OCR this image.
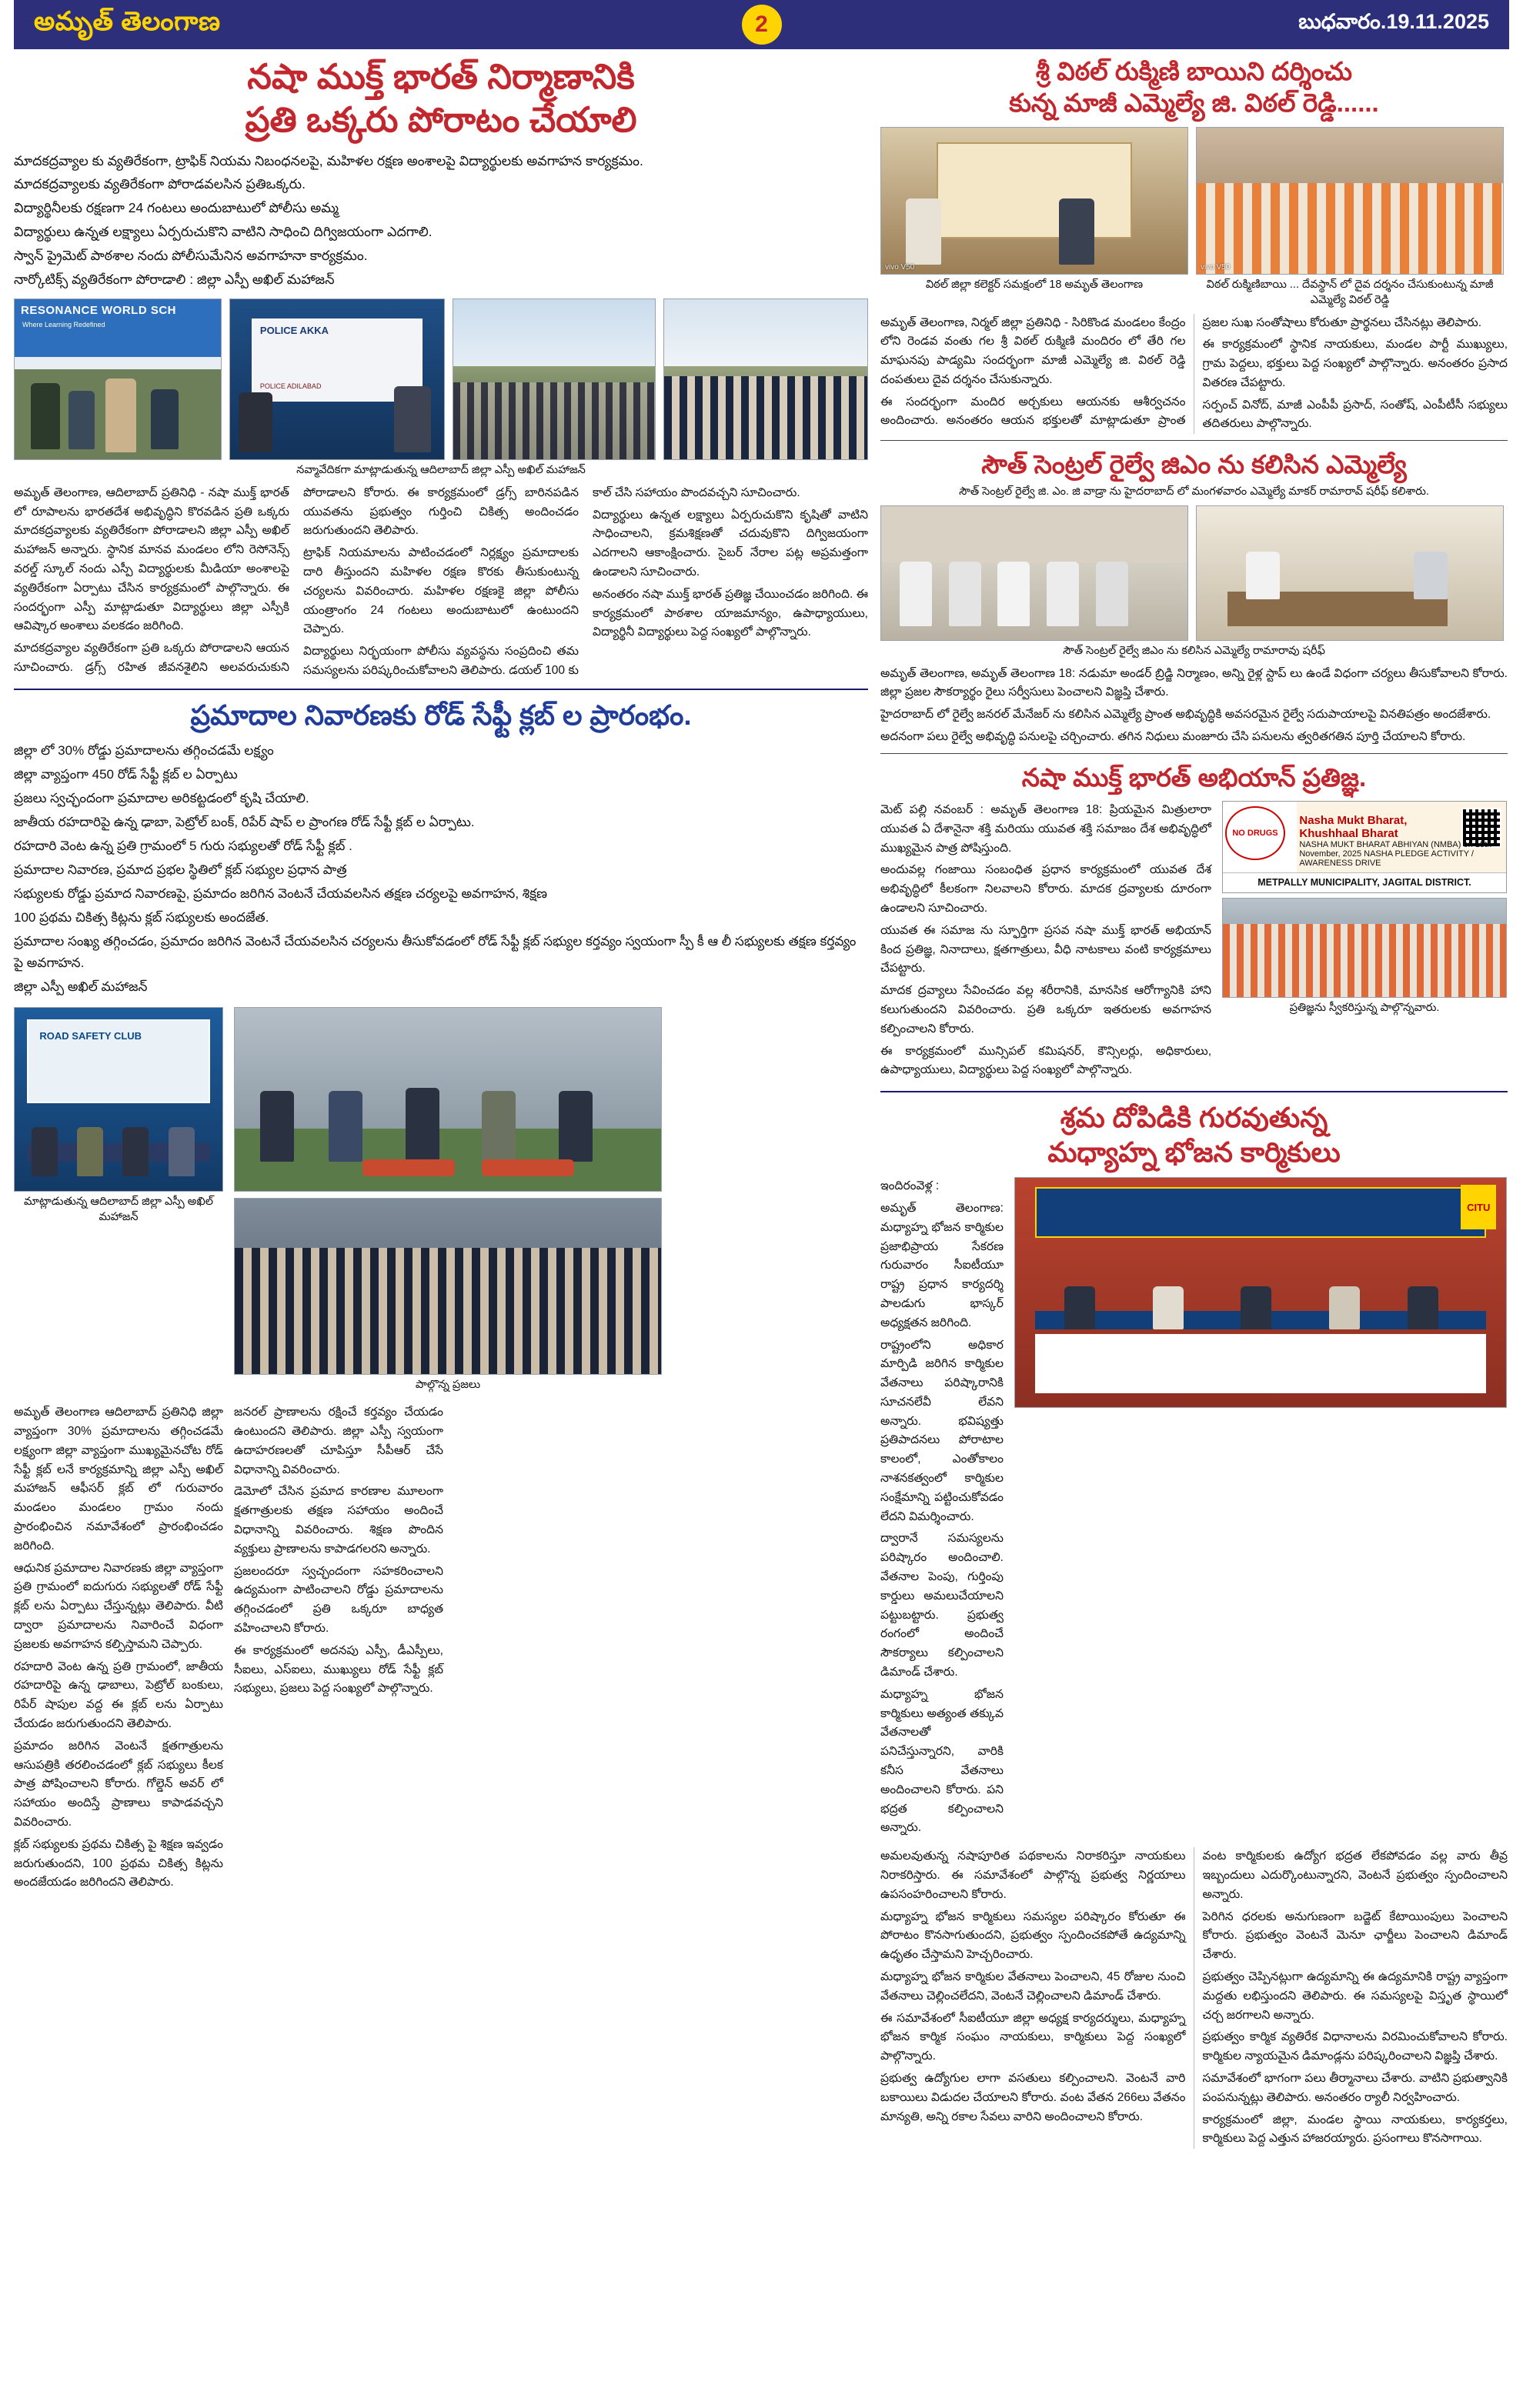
అమృత్ తెలంగాణ	2	బుధవారం.19.11.2025
నషా ముక్త్ భారత్ నిర్మాణానికి
ప్రతి ఒక్కరు పోరాటం చేయాలి

మాదకద్రవ్యాల కు వ్యతిరేకంగా, ట్రాఫిక్ నియమ నిబంధనలపై, మహిళల రక్షణ అంశాలపై విద్యార్థులకు అవగాహన కార్యక్రమం.

మాదకద్రవ్యాలకు వ్యతిరేకంగా పోరాడవలసిన ప్రతిఒక్కరు.

విద్యార్థినీలకు రక్షణగా 24 గంటలు అందుబాటులో పోలీసు అమ్మ

విద్యార్థులు ఉన్నత లక్ష్యాలు ఏర్పరుచుకొని వాటిని సాధించి దిగ్విజయంగా ఎదగాలి.

స్వాన్ ప్రైమెట్ పాఠశాల నందు పోలీసుమేనిన అవగాహనా కార్యక్రమం.

నార్కోటిక్స్ వ్యతిరేకంగా పోరాడాలి : జిల్లా ఎస్పీ అఖిల్ మహాజన్

RESONANCE WORLD SCH
Where Learning Redefined
POLICE AKKA
POLICE ADILABAD
నవ్మావేదికగా మాట్లాడుతున్న ఆదిలాబాద్ జిల్లా ఎస్పీ అఖిల్ మహాజన్

అమృత్ తెలంగాణ, ఆదిలాబాద్ ప్రతినిధి - నషా ముక్త్ భారత్ లో రూపాలను భారతదేశ అభివృద్ధిని కొరవడిన ప్రతి ఒక్కరు మాదకద్రవ్యాలకు వ్యతిరేకంగా పోరాడాలని జిల్లా ఎస్పీ అఖిల్ మహాజన్ అన్నారు. స్థానిక మానవ మండలం లోని రెసోనెన్స్ వరల్డ్ స్కూల్ నందు ఎస్పీ విద్యార్థులకు మీడియా అంశాలపై వ్యతిరేకంగా ఏర్పాటు చేసిన కార్యక్రమంలో పాల్గొన్నారు. ఈ సందర్భంగా ఎస్పీ మాట్లాడుతూ విద్యార్థులు జిల్లా ఎస్పీకి ఆవిష్కార అంశాలు వలకడం జరిగింది.

మాదకద్రవ్యాల వ్యతిరేకంగా ప్రతి ఒక్కరు పోరాడాలని ఆయన సూచించారు. డ్రగ్స్ రహిత జీవనశైలిని అలవరుచుకుని పోరాడాలని కోరారు. ఈ కార్యక్రమంలో డ్రగ్స్ బారినపడిన యువతను ప్రభుత్వం గుర్తించి చికిత్స అందించడం జరుగుతుందని తెలిపారు.

ట్రాఫిక్ నియమాలను పాటించడంలో నిర్లక్ష్యం ప్రమాదాలకు దారి తీస్తుందని మహిళల రక్షణ కొరకు తీసుకుంటున్న చర్యలను వివరించారు. మహిళల రక్షణకై జిల్లా పోలీసు యంత్రాంగం 24 గంటలు అందుబాటులో ఉంటుందని చెప్పారు.

విద్యార్థులు నిర్భయంగా పోలీసు వ్యవస్థను సంప్రదించి తమ సమస్యలను పరిష్కరించుకోవాలని తెలిపారు. డయల్ 100 కు కాల్ చేసి సహాయం పొందవచ్చని సూచించారు.

విద్యార్థులు ఉన్నత లక్ష్యాలు ఏర్పరుచుకొని కృషితో వాటిని సాధించాలని, క్రమశిక్షణతో చదువుకొని దిగ్విజయంగా ఎదగాలని ఆకాంక్షించారు. సైబర్ నేరాల పట్ల అప్రమత్తంగా ఉండాలని సూచించారు.

అనంతరం నషా ముక్త్ భారత్ ప్రతిజ్ఞ చేయించడం జరిగింది. ఈ కార్యక్రమంలో పాఠశాల యాజమాన్యం, ఉపాధ్యాయులు, విద్యార్థినీ విద్యార్థులు పెద్ద సంఖ్యలో పాల్గొన్నారు.

ప్రమాదాల నివారణకు రోడ్ సేఫ్టీ క్లబ్ ల ప్రారంభం.

జిల్లా లో 30% రోడ్డు ప్రమాదాలను తగ్గించడమే లక్ష్యం

జిల్లా వ్యాప్తంగా 450 రోడ్ సేఫ్టీ క్లబ్ ల ఏర్పాటు

ప్రజలు స్వచ్ఛందంగా ప్రమాదాల అరికట్టడంలో కృషి చేయాలి.

జాతీయ రహదారిపై ఉన్న ఢాబా, పెట్రోల్ బంక్, రిపేర్ షాప్ ల ప్రాంగణ రోడ్ సేఫ్టీ క్లబ్ ల ఏర్పాటు.

రహదారి వెంట ఉన్న ప్రతి గ్రామంలో 5 గురు సభ్యులతో రోడ్ సేఫ్టీ క్లబ్ .

ప్రమాదాల నివారణ, ప్రమాద ప్రభల స్థితిలో క్లబ్ సభ్యుల ప్రధాన పాత్ర

సభ్యులకు రోడ్డు ప్రమాద నివారణపై, ప్రమాదం జరిగిన వెంటనే చేయవలసిన తక్షణ చర్యలపై అవగాహన, శిక్షణ

100 ప్రథమ చికిత్స కిట్లను క్లబ్ సభ్యులకు అందజేత.

ప్రమాదాల సంఖ్య తగ్గించడం, ప్రమాదం జరిగిన వెంటనే చేయవలసిన చర్యలను తీసుకోవడంలో రోడ్ సేఫ్టీ క్లబ్ సభ్యుల కర్తవ్యం స్వయంగా స్పీ కీ ఆ లీ సభ్యులకు తక్షణ కర్తవ్యం పై అవగాహన.

జిల్లా ఎస్పీ అఖిల్ మహాజన్

ROAD SAFETY CLUB
మాట్లాడుతున్న ఆదిలాబాద్ జిల్లా ఎస్పీ అఖిల్ మహాజన్
పాల్గొన్న ప్రజలు

అమృత్ తెలంగాణ ఆదిలాబాద్ ప్రతినిధి జిల్లా వ్యాప్తంగా 30% ప్రమాదాలను తగ్గించడమే లక్ష్యంగా జిల్లా వ్యాప్తంగా ముఖ్యమైనచోట రోడ్ సేఫ్టీ క్లబ్ లనే కార్యక్రమాన్ని జిల్లా ఎస్పీ అఖిల్ మహాజన్ ఆఫీసర్ క్లబ్ లో గురువారం మండలం మండలం గ్రామం నందు ప్రారంభించిన నమావేశంలో ప్రారంభించడం జరిగింది.

ఆధునిక ప్రమాదాల నివారణకు జిల్లా వ్యాప్తంగా ప్రతి గ్రామంలో ఐదుగురు సభ్యులతో రోడ్ సేఫ్టీ క్లబ్ లను ఏర్పాటు చేస్తున్నట్లు తెలిపారు. వీటి ద్వారా ప్రమాదాలను నివారించే విధంగా ప్రజలకు అవగాహన కల్పిస్తామని చెప్పారు.

రహదారి వెంట ఉన్న ప్రతి గ్రామంలో, జాతీయ రహదారిపై ఉన్న ఢాబాలు, పెట్రోల్ బంకులు, రిపేర్ షాపుల వద్ద ఈ క్లబ్ లను ఏర్పాటు చేయడం జరుగుతుందని తెలిపారు.

ప్రమాదం జరిగిన వెంటనే క్షతగాత్రులను ఆసుపత్రికి తరలించడంలో క్లబ్ సభ్యులు కీలక పాత్ర పోషించాలని కోరారు. గోల్డెన్ అవర్ లో సహాయం అందిస్తే ప్రాణాలు కాపాడవచ్చని వివరించారు.

క్లబ్ సభ్యులకు ప్రథమ చికిత్స పై శిక్షణ ఇవ్వడం జరుగుతుందని, 100 ప్రథమ చికిత్స కిట్లను అందజేయడం జరిగిందని తెలిపారు.

జనరల్ ప్రాణాలను రక్షించే కర్తవ్యం చేయడం ఉంటుందని తెలిపారు. జిల్లా ఎస్పీ స్వయంగా ఉదాహరణలతో చూపిస్తూ సీపీఆర్ చేసే విధానాన్ని వివరించారు.

డెమోలో చేసిన ప్రమాద కారణాల మూలంగా క్షతగాత్రులకు తక్షణ సహాయం అందించే విధానాన్ని వివరించారు. శిక్షణ పొందిన వ్యక్తులు ప్రాణాలను కాపాడగలరని అన్నారు.

ప్రజలందరూ స్వచ్ఛందంగా సహకరించాలని ఉద్యమంగా పాటించాలని రోడ్డు ప్రమాదాలను తగ్గించడంలో ప్రతి ఒక్కరూ బాధ్యత వహించాలని కోరారు.

ఈ కార్యక్రమంలో అదనపు ఎస్పీ, డీఎస్పీలు, సీఐలు, ఎస్ఐలు, ముఖ్యులు రోడ్ సేఫ్టీ క్లబ్ సభ్యులు, ప్రజలు పెద్ద సంఖ్యలో పాల్గొన్నారు.

శ్రీ విఠల్ రుక్మిణి బాయిని దర్శించు
కున్న మాజీ ఎమ్మెల్యే జి. విఠల్ రెడ్డి......
vivo V50	vivo V50
విఠల్ జిల్లా కలెక్టర్ సమక్షంలో 18 అమృత్ తెలంగాణ	విఠల్ రుక్మిణిబాయి ... దేవస్థాన్ లో దైవ దర్శనం చేసుకుంటున్న మాజీ ఎమ్మెల్యే విఠల్ రెడ్డి

అమృత్ తెలంగాణ, నిర్మల్ జిల్లా ప్రతినిధి - సిరికొండ మండలం కేంద్రం లోని రెండవ వంతు గల శ్రీ విఠల్ రుక్మిణి మందిరం లో తేరి గల మాఘనపు పాడ్యమి సందర్భంగా మాజీ ఎమ్మెల్యే జి. విఠల్ రెడ్డి దంపతులు దైవ దర్శనం చేసుకున్నారు.

ఈ సందర్భంగా మందిర అర్చకులు ఆయనకు ఆశీర్వచనం అందించారు. అనంతరం ఆయన భక్తులతో మాట్లాడుతూ ప్రాంత ప్రజల సుఖ సంతోషాలు కోరుతూ ప్రార్థనలు చేసినట్లు తెలిపారు.

ఈ కార్యక్రమంలో స్థానిక నాయకులు, మండల పార్టీ ముఖ్యులు, గ్రామ పెద్దలు, భక్తులు పెద్ద సంఖ్యలో పాల్గొన్నారు. అనంతరం ప్రసాద వితరణ చేపట్టారు.

సర్పంచ్ వినోద్, మాజీ ఎంపీపీ ప్రసాద్, సంతోష్, ఎంపీటీసీ సభ్యులు తదితరులు పాల్గొన్నారు.

సౌత్ సెంట్రల్ రైల్వే జిఎం ను కలిసిన ఎమ్మెల్యే
సౌత్ సెంట్రల్ రైల్వే జి. ఎం. జి వాడ్రా ను హైదరాబాద్ లో మంగళవారం ఎమ్మెల్యే మాకర్ రామారావ్ షరీఫ్ కలిశారు.
సౌత్ సెంట్రల్ రైల్వే జిఎం ను కలిసిన ఎమ్మెల్యే రామారావు షరీఫ్

అమృత్ తెలంగాణ, అమృత్ తెలంగాణ 18: నడుమా అండర్ బ్రిడ్జి నిర్మాణం, అన్ని రైళ్ల స్టాప్ లు ఉండే విధంగా చర్యలు తీసుకోవాలని కోరారు. జిల్లా ప్రజల సౌకర్యార్థం రైలు సర్వీసులు పెంచాలని విజ్ఞప్తి చేశారు.

హైదరాబాద్ లో రైల్వే జనరల్ మేనేజర్ ను కలిసిన ఎమ్మెల్యే ప్రాంత అభివృద్ధికి అవసరమైన రైల్వే సదుపాయాలపై వినతిపత్రం అందజేశారు.

అదనంగా పలు రైల్వే అభివృద్ధి పనులపై చర్చించారు. తగిన నిధులు మంజూరు చేసి పనులను త్వరితగతిన పూర్తి చేయాలని కోరారు.

నషా ముక్త్ భారత్ అభియాన్ ప్రతిజ్ఞ.

మెట్ పల్లి నవంబర్ : అమృత్ తెలంగాణ 18: ప్రియమైన మిత్రులారా యువత ఏ దేశానైనా శక్తి మరియు యువత శక్తి సమాజం దేశ అభివృద్ధిలో ముఖ్యమైన పాత్ర పోషిస్తుంది.

అందువల్ల గంజాయి సంబంధిత ప్రధాన కార్యక్రమంలో యువత దేశ అభివృద్ధిలో కీలకంగా నిలవాలని కోరారు. మాదక ద్రవ్యాలకు దూరంగా ఉండాలని సూచించారు.

యువత ఈ సమాజ ను స్ఫూర్తిగా ప్రసవ నషా ముక్త్ భారత్ అభియాన్ కింద ప్రతిజ్ఞ, నినాదాలు, క్షతగాత్రులు, వీధి నాటకాలు వంటి కార్యక్రమాలు చేపట్టారు.

మాదక ద్రవ్యాలు సేవించడం వల్ల శరీరానికి, మానసిక ఆరోగ్యానికి హాని కలుగుతుందని వివరించారు. ప్రతి ఒక్కరూ ఇతరులకు అవగాహన కల్పించాలని కోరారు.

ఈ కార్యక్రమంలో మున్సిపల్ కమిషనర్, కౌన్సిలర్లు, అధికారులు, ఉపాధ్యాయులు, విద్యార్థులు పెద్ద సంఖ్యలో పాల్గొన్నారు.

NO DRUGS
Nasha Mukt Bharat,
Khushhaal Bharat
NASHA MUKT BHARAT ABHIYAN (NMBA) on 18th November, 2025 NASHA PLEDGE ACTIVITY / AWARENESS DRIVE
METPALLY MUNICIPALITY, JAGITAL DISTRICT.
ప్రతిజ్ఞను స్వీకరిస్తున్న పాల్గొన్నవారు.
శ్రమ దోపిడికి గురవుతున్న
మధ్యాహ్న భోజన కార్మికులు

ఇందిరంవెళ్ల :

అమృత్ తెలంగాణ: మధ్యాహ్న భోజన కార్మికుల ప్రజాభిప్రాయ సేకరణ గురువారం సీఐటీయూ రాష్ట్ర ప్రధాన కార్యదర్శి పాలడుగు భాస్కర్ అధ్యక్షతన జరిగింది.

రాష్ట్రంలోని అధికార మార్పిడి జరిగిన కార్మికుల వేతనాలు పరిష్కారానికి సూచనలేవీ లేవని అన్నారు. భవిష్యత్తు ప్రతిపాదనలు పోరాటాల కాలంలో, ఎంతోకాలం నాశనకత్వంలో కార్మికుల సంక్షేమాన్ని పట్టించుకోవడం లేదని విమర్శించారు.

ద్వారానే సమస్యలను పరిష్కారం అందించాలి. వేతనాల పెంపు, గుర్తింపు కార్డులు అమలుచేయాలని పట్టుబట్టారు. ప్రభుత్వ రంగంలో అందించే సౌకర్యాలు కల్పించాలని డిమాండ్ చేశారు.

మధ్యాహ్న భోజన కార్మికులు అత్యంత తక్కువ వేతనాలతో పనిచేస్తున్నారని, వారికి కనీస వేతనాలు అందించాలని కోరారు. పని భద్రత కల్పించాలని అన్నారు.

CITU

అమలవుతున్న నషాపూరిత పథకాలను నిరాకరిస్తూ నాయకులు నిరాకరిస్తారు. ఈ సమావేశంలో పాల్గొన్న ప్రభుత్వ నిర్ణయాలు ఉపసంహరించాలని కోరారు.

మధ్యాహ్న భోజన కార్మికులు సమస్యల పరిష్కారం కోరుతూ ఈ పోరాటం కొనసాగుతుందని, ప్రభుత్వం స్పందించకపోతే ఉద్యమాన్ని ఉధృతం చేస్తామని హెచ్చరించారు.

మధ్యాహ్న భోజన కార్మికుల వేతనాలు పెంచాలని, 45 రోజుల నుంచి వేతనాలు చెల్లించలేదని, వెంటనే చెల్లించాలని డిమాండ్ చేశారు.

ఈ సమావేశంలో సీఐటీయూ జిల్లా అధ్యక్ష కార్యదర్శులు, మధ్యాహ్న భోజన కార్మిక సంఘం నాయకులు, కార్మికులు పెద్ద సంఖ్యలో పాల్గొన్నారు.

ప్రభుత్వ ఉద్యోగుల లాగా వసతులు కల్పించాలని. వెంటనే వారి బకాయిలు విడుదల చేయాలని కోరారు. వంట వేతన 266లు వేతనం మాన్యతి, అన్ని రకాల సేవలు వారిని అందించాలని కోరారు.

వంట కార్మికులకు ఉద్యోగ భద్రత లేకపోవడం వల్ల వారు తీవ్ర ఇబ్బందులు ఎదుర్కొంటున్నారని, వెంటనే ప్రభుత్వం స్పందించాలని అన్నారు.

పెరిగిన ధరలకు అనుగుణంగా బడ్జెట్ కేటాయింపులు పెంచాలని కోరారు. ప్రభుత్వం వెంటనే మెనూ ఛార్జీలు పెంచాలని డిమాండ్ చేశారు.

ప్రభుత్వం చెప్పినట్లుగా ఉద్యమాన్ని ఈ ఉద్యమానికి రాష్ట్ర వ్యాప్తంగా మద్దతు లభిస్తుందని తెలిపారు. ఈ సమస్యలపై విస్తృత స్థాయిలో చర్చ జరగాలని అన్నారు.

ప్రభుత్వం కార్మిక వ్యతిరేక విధానాలను విరమించుకోవాలని కోరారు. కార్మికుల న్యాయమైన డిమాండ్లను పరిష్కరించాలని విజ్ఞప్తి చేశారు.

సమావేశంలో భాగంగా పలు తీర్మానాలు చేశారు. వాటిని ప్రభుత్వానికి పంపనున్నట్లు తెలిపారు. అనంతరం ర్యాలీ నిర్వహించారు.

కార్యక్రమంలో జిల్లా, మండల స్థాయి నాయకులు, కార్యకర్తలు, కార్మికులు పెద్ద ఎత్తున హాజరయ్యారు. ప్రసంగాలు కొనసాగాయి.
